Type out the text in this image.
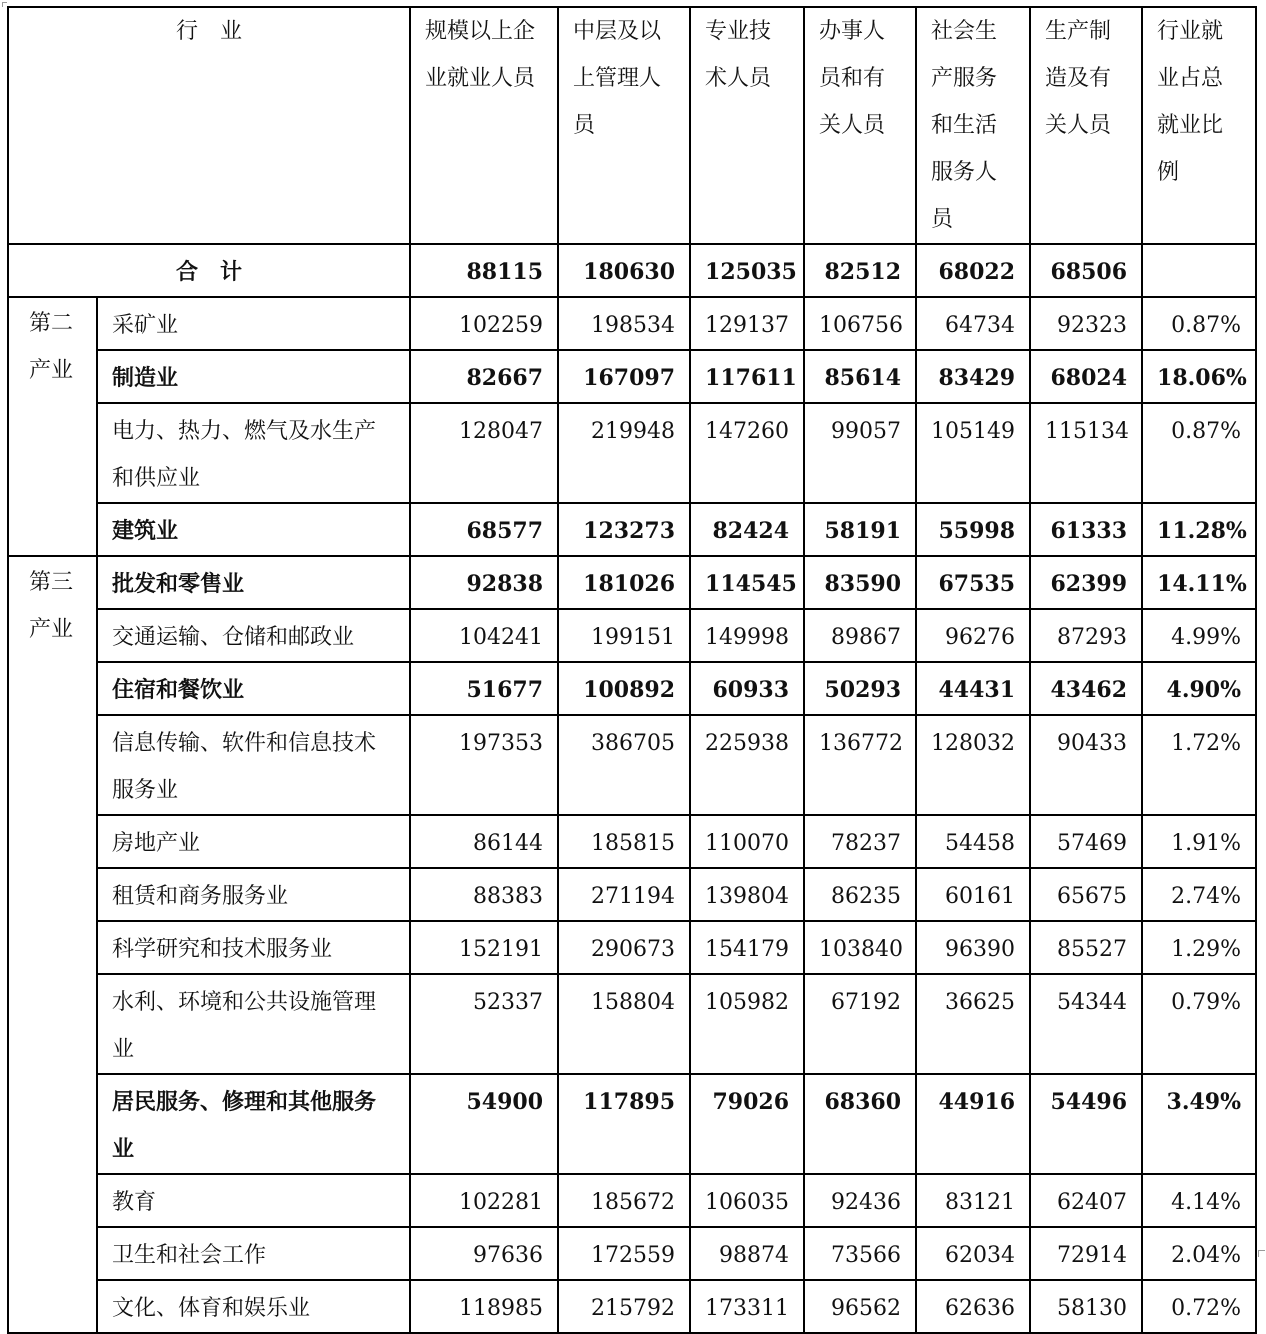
行　业		规模以上企业就业人员	中层及以上管理人员	专业技术人员	办事人员和有关人员	社会生产服务和生活服务人员	生产制造及有关人员	行业就业占总就业比例
合　计		88115	180630	125035	82512	68022	68506	
第二产业	采矿业	102259	198534	129137	106756	64734	92323	0.87%
	制造业	82667	167097	117611	85614	83429	68024	18.06%
	电力、热力、燃气及水生产和供应业	128047	219948	147260	99057	105149	115134	0.87%
	建筑业	68577	123273	82424	58191	55998	61333	11.28%
第三产业	批发和零售业	92838	181026	114545	83590	67535	62399	14.11%
	交通运输、仓储和邮政业	104241	199151	149998	89867	96276	87293	4.99%
	住宿和餐饮业	51677	100892	60933	50293	44431	43462	4.90%
	信息传输、软件和信息技术服务业	197353	386705	225938	136772	128032	90433	1.72%
	房地产业	86144	185815	110070	78237	54458	57469	1.91%
	租赁和商务服务业	88383	271194	139804	86235	60161	65675	2.74%
	科学研究和技术服务业	152191	290673	154179	103840	96390	85527	1.29%
	水利、环境和公共设施管理业	52337	158804	105982	67192	36625	54344	0.79%
	居民服务、修理和其他服务业	54900	117895	79026	68360	44916	54496	3.49%
	教育	102281	185672	106035	92436	83121	62407	4.14%
	卫生和社会工作	97636	172559	98874	73566	62034	72914	2.04%
	文化、体育和娱乐业	118985	215792	173311	96562	62636	58130	0.72%
